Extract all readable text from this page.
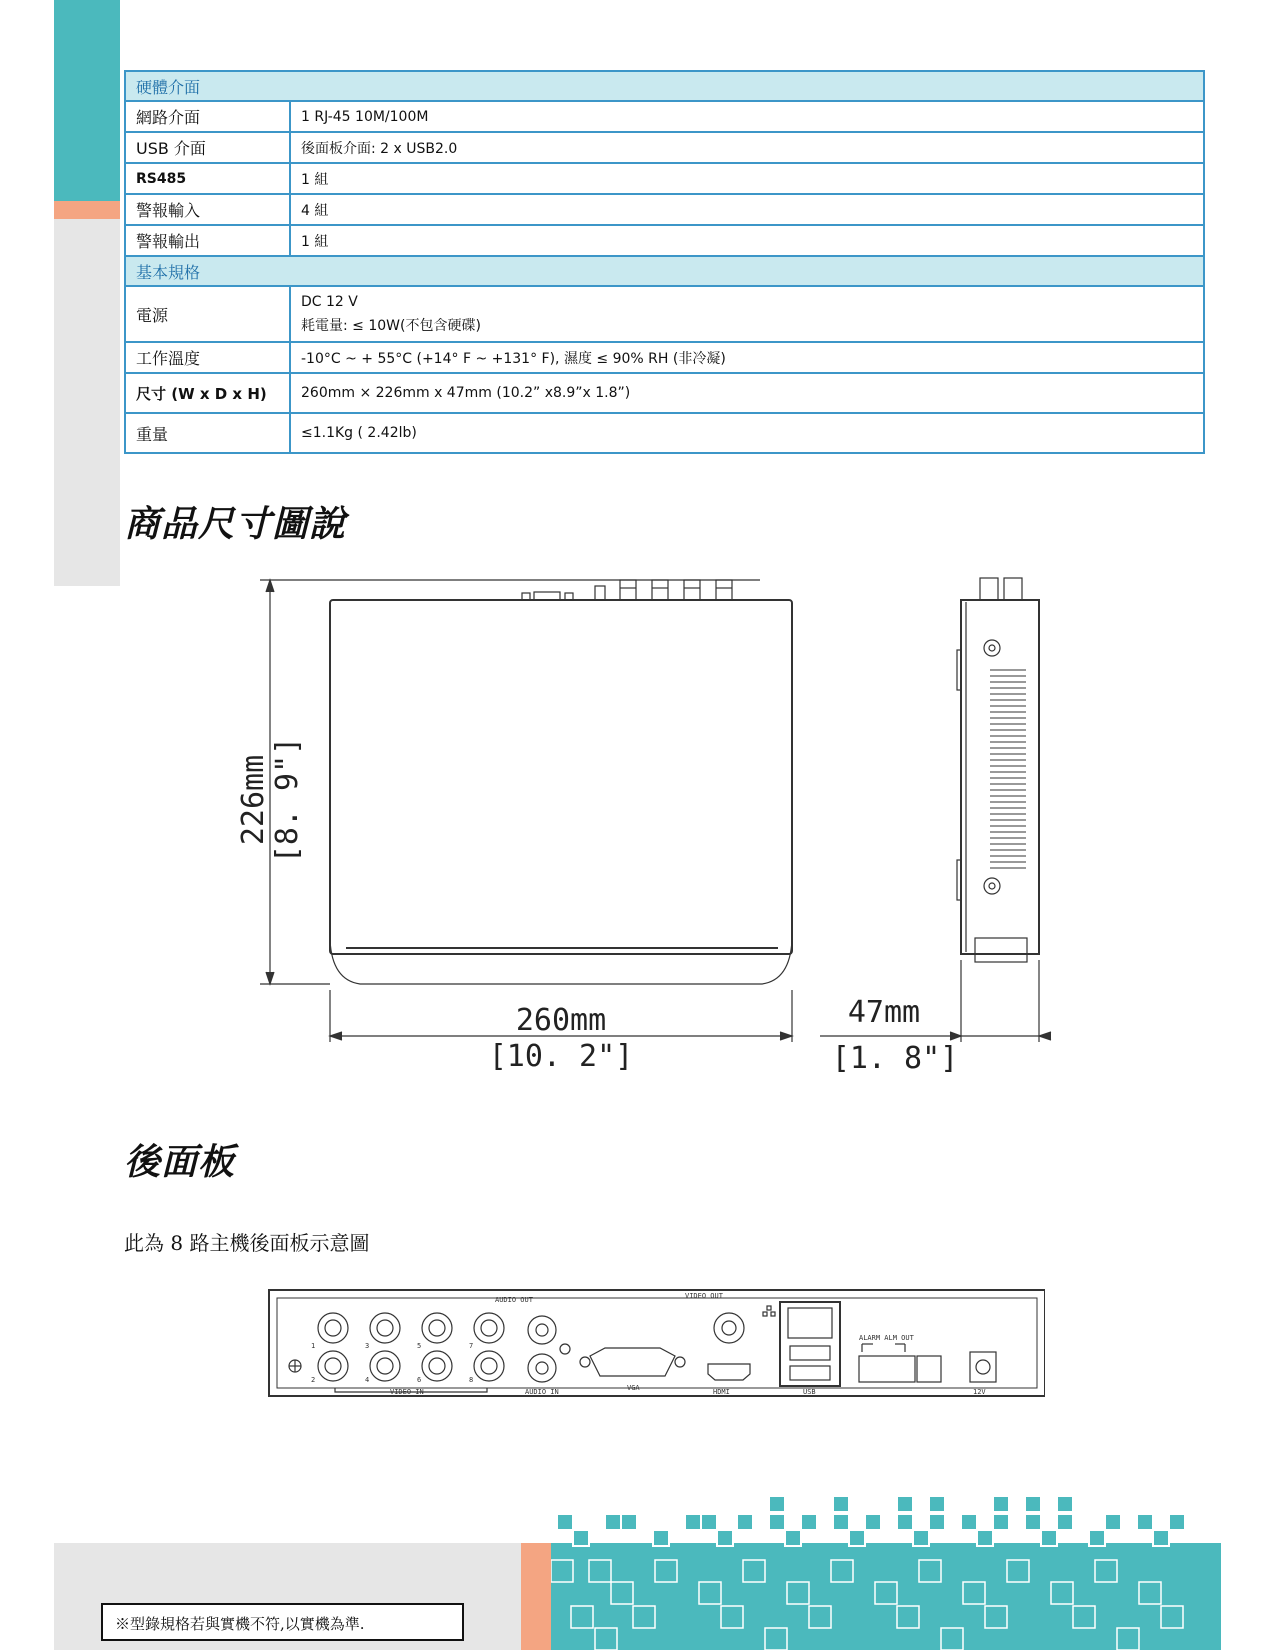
硬體介面	
網路介面	1 RJ-45 10M/100M
USB 介面	後面板介面: 2 x USB2.0
RS485	1 組
警報輸入	4 組
警報輸出	1 組
基本規格	
電源	DC 12 V
耗電量: ≤ 10W(不包含硬碟)

工作溫度	-10°C ~ + 55°C (+14° F ~ +131° F), 濕度 ≤ 90% RH (非冷凝)
尺寸 (W x D x H)	260mm × 226mm x 47mm (10.2” x8.9”x 1.8”)
重量	≤1.1Kg ( 2.42lb)
商品尺寸圖說
226mm [8. 9"]
260mm
[10. 2"]
47mm
[1. 8"]
後面板
此為 8 路主機後面板示意圖
AUDIO OUT	VIDEO OUT
ALARM ALM OUT
VIDEO IN	AUDIO IN	VGA	HDMI	USB	12V
1	3	5	7
2	4	6	8
※型錄規格若與實機不符,以實機為準.
